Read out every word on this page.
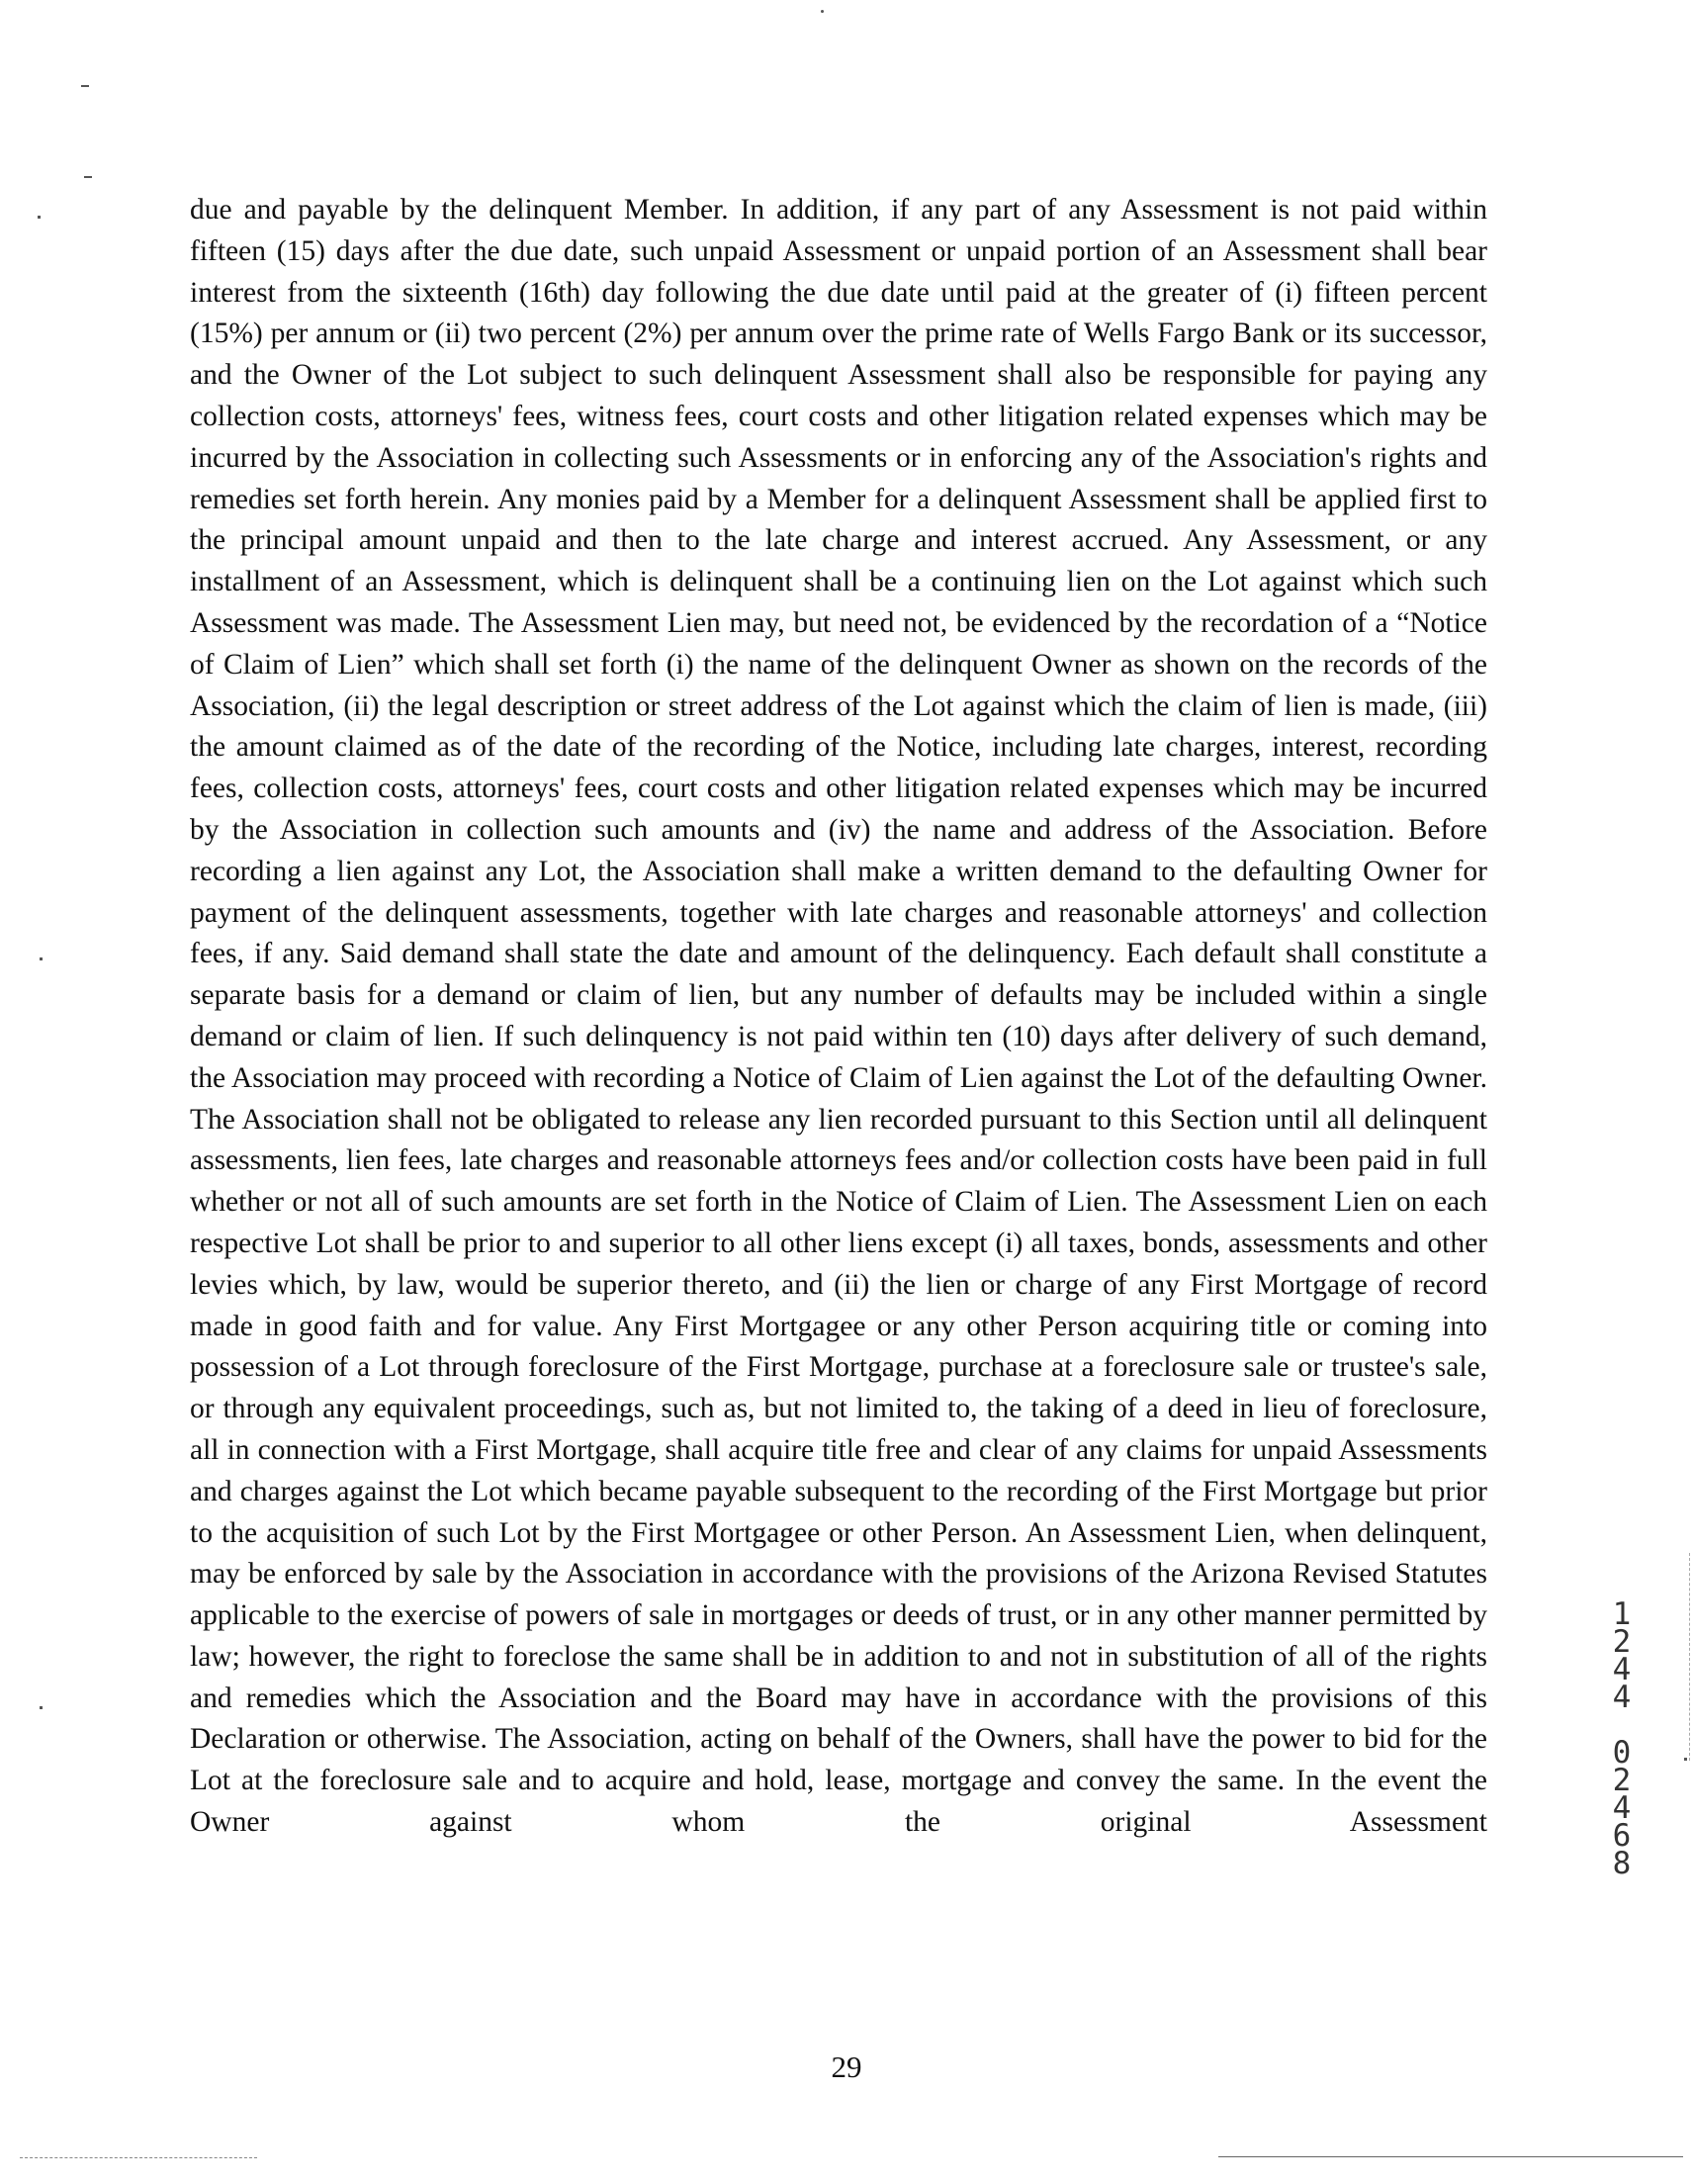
due and payable by the delinquent Member. In addition, if any part of any Assessment is not paid within fifteen (15) days after the due date, such unpaid Assessment or unpaid portion of an Assessment shall bear interest from the sixteenth (16th) day following the due date until paid at the greater of (i) fifteen percent (15%) per annum or (ii) two percent (2%) per annum over the prime rate of Wells Fargo Bank or its successor, and the Owner of the Lot subject to such delinquent Assessment shall also be responsible for paying any collection costs, attorneys' fees, witness fees, court costs and other litigation related expenses which may be incurred by the Association in collecting such Assessments or in enforcing any of the Association's rights and remedies set forth herein. Any monies paid by a Member for a delinquent Assessment shall be applied first to the principal amount unpaid and then to the late charge and interest accrued. Any Assessment, or any installment of an Assessment, which is delinquent shall be a continuing lien on the Lot against which such Assessment was made. The Assessment Lien may, but need not, be evidenced by the recordation of a “Notice of Claim of Lien” which shall set forth (i) the name of the delinquent Owner as shown on the records of the Association, (ii) the legal description or street address of the Lot against which the claim of lien is made, (iii) the amount claimed as of the date of the recording of the Notice, including late charges, interest, recording fees, collection costs, attorneys' fees, court costs and other litigation related expenses which may be incurred by the Association in collection such amounts and (iv) the name and address of the Association. Before recording a lien against any Lot, the Association shall make a written demand to the defaulting Owner for payment of the delinquent assessments, together with late charges and reasonable attorneys' and collection fees, if any. Said demand shall state the date and amount of the delinquency. Each default shall constitute a separate basis for a demand or claim of lien, but any number of defaults may be included within a single demand or claim of lien. If such delinquency is not paid within ten (10) days after delivery of such demand, the Association may proceed with recording a Notice of Claim of Lien against the Lot of the defaulting Owner. The Association shall not be obligated to release any lien recorded pursuant to this Section until all delinquent assessments, lien fees, late charges and reasonable attorneys fees and/or collection costs have been paid in full whether or not all of such amounts are set forth in the Notice of Claim of Lien. The Assessment Lien on each respective Lot shall be prior to and superior to all other liens except (i) all taxes, bonds, assessments and other levies which, by law, would be superior thereto, and (ii) the lien or charge of any First Mortgage of record made in good faith and for value. Any First Mortgagee or any other Person acquiring title or coming into possession of a Lot through foreclosure of the First Mortgage, purchase at a foreclosure sale or trustee's sale, or through any equivalent proceedings, such as, but not limited to, the taking of a deed in lieu of foreclosure, all in connection with a First Mortgage, shall acquire title free and clear of any claims for unpaid Assessments and charges against the Lot which became payable subsequent to the recording of the First Mortgage but prior to the acquisition of such Lot by the First Mortgagee or other Person. An Assessment Lien, when delinquent, may be enforced by sale by the Association in accordance with the provisions of the Arizona Revised Statutes applicable to the exercise of powers of sale in mortgages or deeds of trust, or in any other manner permitted by law; however, the right to foreclose the same shall be in addition to and not in substitution of all of the rights and remedies which the Association and the Board may have in accordance with the provisions of this Declaration or otherwise. The Association, acting on behalf of the Owners, shall have the power to bid for the Lot at the foreclosure sale and to acquire and hold, lease, mortgage and convey the same. In the event the Owner against whom the original Assessment

1
2
4
4

0
2
4
6
8
29
